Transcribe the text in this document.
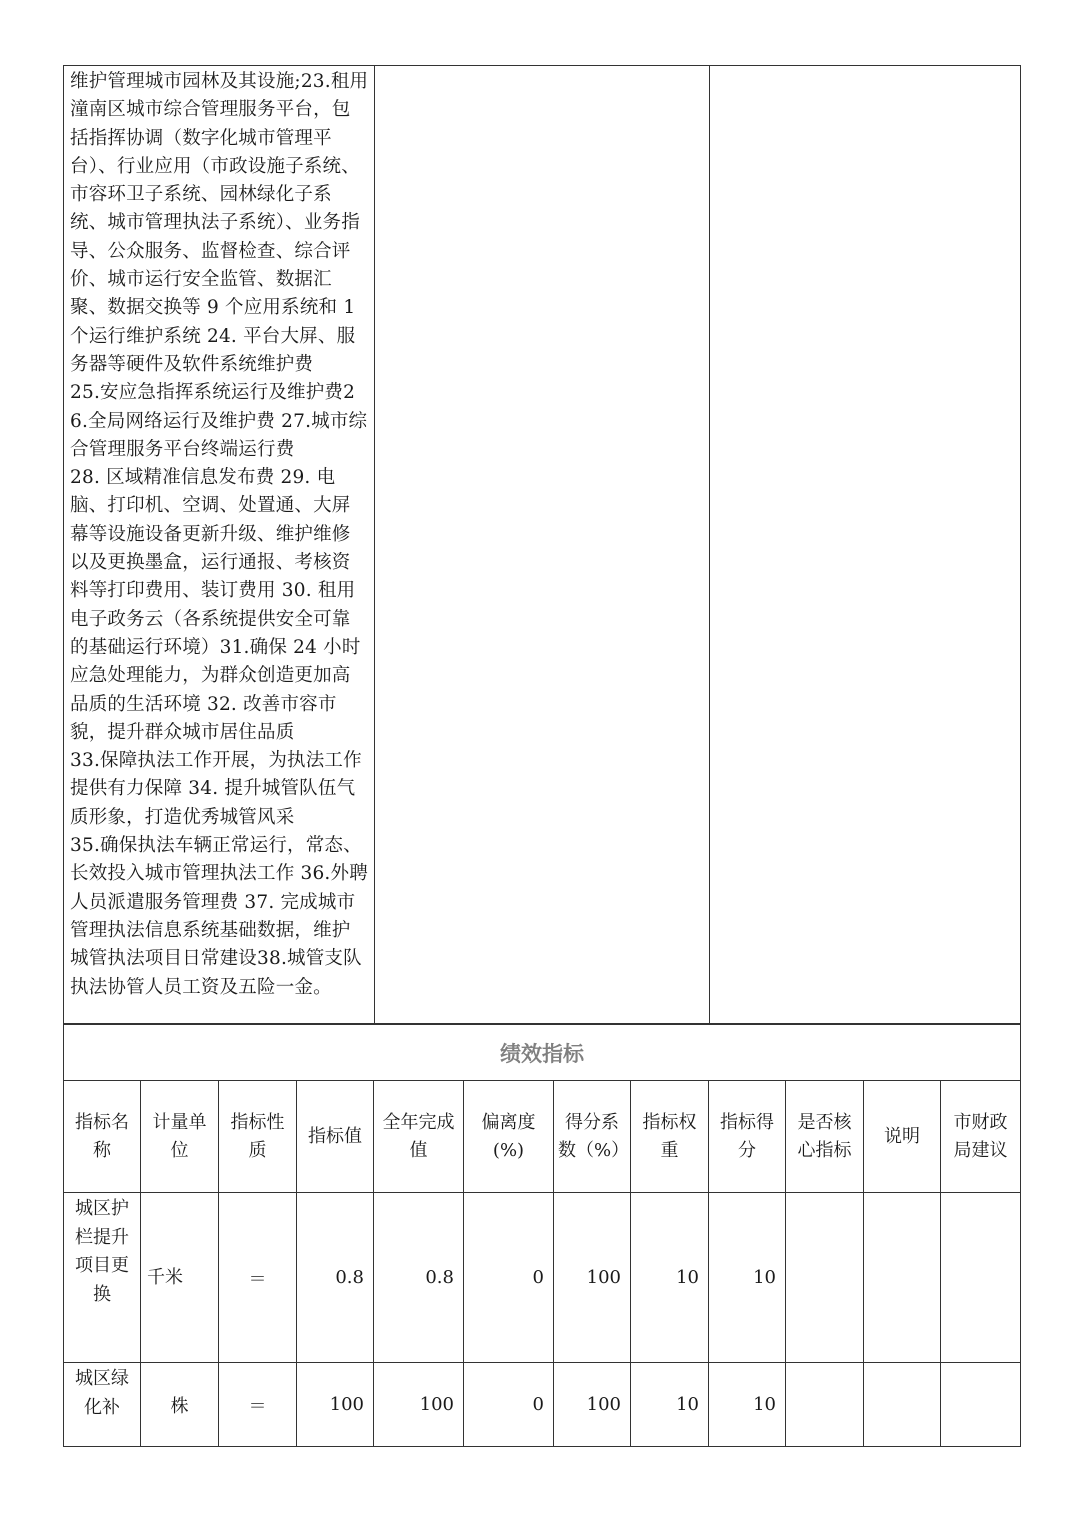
维护管理城市园林及其设施;23.租用潼南区城市综合管理服务平台，包括指挥协调（数字化城市管理平台）、行业应用（市政设施子系统、市容环卫子系统、园林绿化子系统、城市管理执法子系统）、业务指导、公众服务、监督检查、综合评价、城市运行安全监管、数据汇聚、数据交换等 9 个应用系统和 1个运行维护系统 24. 平台大屏、服务器等硬件及软件系统维护费
25.安应急指挥系统运行及维护费26.全局网络运行及维护费 27.城市综合管理服务平台终端运行费
28. 区域精准信息发布费 29. 电脑、打印机、空调、处置通、大屏幕等设施设备更新升级、维护维修以及更换墨盒，运行通报、考核资料等打印费用、装订费用 30. 租用电子政务云（各系统提供安全可靠的基础运行环境）31.确保 24 小时应急处理能力，为群众创造更加高品质的生活环境 32. 改善市容市貌，提升群众城市居住品质
33.保障执法工作开展，为执法工作提供有力保障 34. 提升城管队伍气质形象，打造优秀城管风采
35.确保执法车辆正常运行，常态、长效投入城市管理执法工作 36.外聘人员派遣服务管理费 37. 完成城市管理执法信息系统基础数据，维护城管执法项目日常建设38.城管支队执法协管人员工资及五险一金。

绩效指标											

指标名称	计量单位	指标性质	指标值	全年完成值	偏离度(%)	得分系数（%）	指标权重	指标得分	是否核心指标	说明	市财政局建议

城区护栏提升项目更换	千米	＝	0.8	0.8	0	100	10	10			
城区绿化补	株	＝	100	100	0	100	10	10			
